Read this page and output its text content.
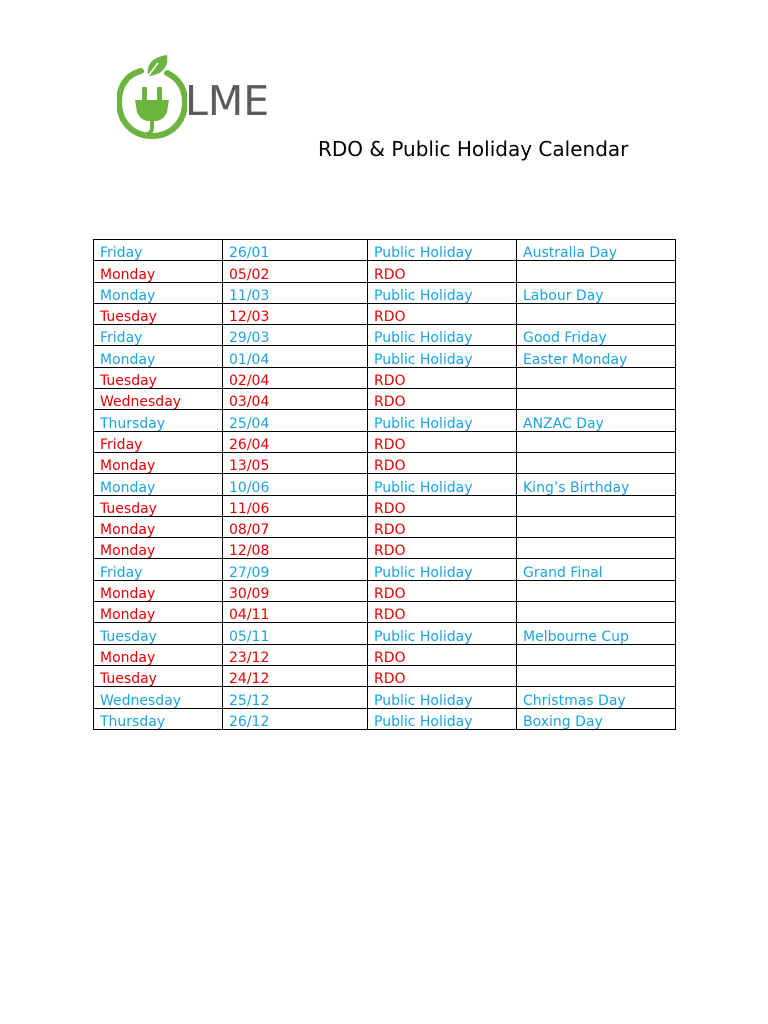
LME
RDO & Public Holiday Calendar
Friday	26/01	Public Holiday	Australia Day
Monday	05/02	RDO	
Monday	11/03	Public Holiday	Labour Day
Tuesday	12/03	RDO	
Friday	29/03	Public Holiday	Good Friday
Monday	01/04	Public Holiday	Easter Monday
Tuesday	02/04	RDO	
Wednesday	03/04	RDO	
Thursday	25/04	Public Holiday	ANZAC Day
Friday	26/04	RDO	
Monday	13/05	RDO	
Monday	10/06	Public Holiday	King’s Birthday
Tuesday	11/06	RDO	
Monday	08/07	RDO	
Monday	12/08	RDO	
Friday	27/09	Public Holiday	Grand Final
Monday	30/09	RDO	
Monday	04/11	RDO	
Tuesday	05/11	Public Holiday	Melbourne Cup
Monday	23/12	RDO	
Tuesday	24/12	RDO	
Wednesday	25/12	Public Holiday	Christmas Day
Thursday	26/12	Public Holiday	Boxing Day
